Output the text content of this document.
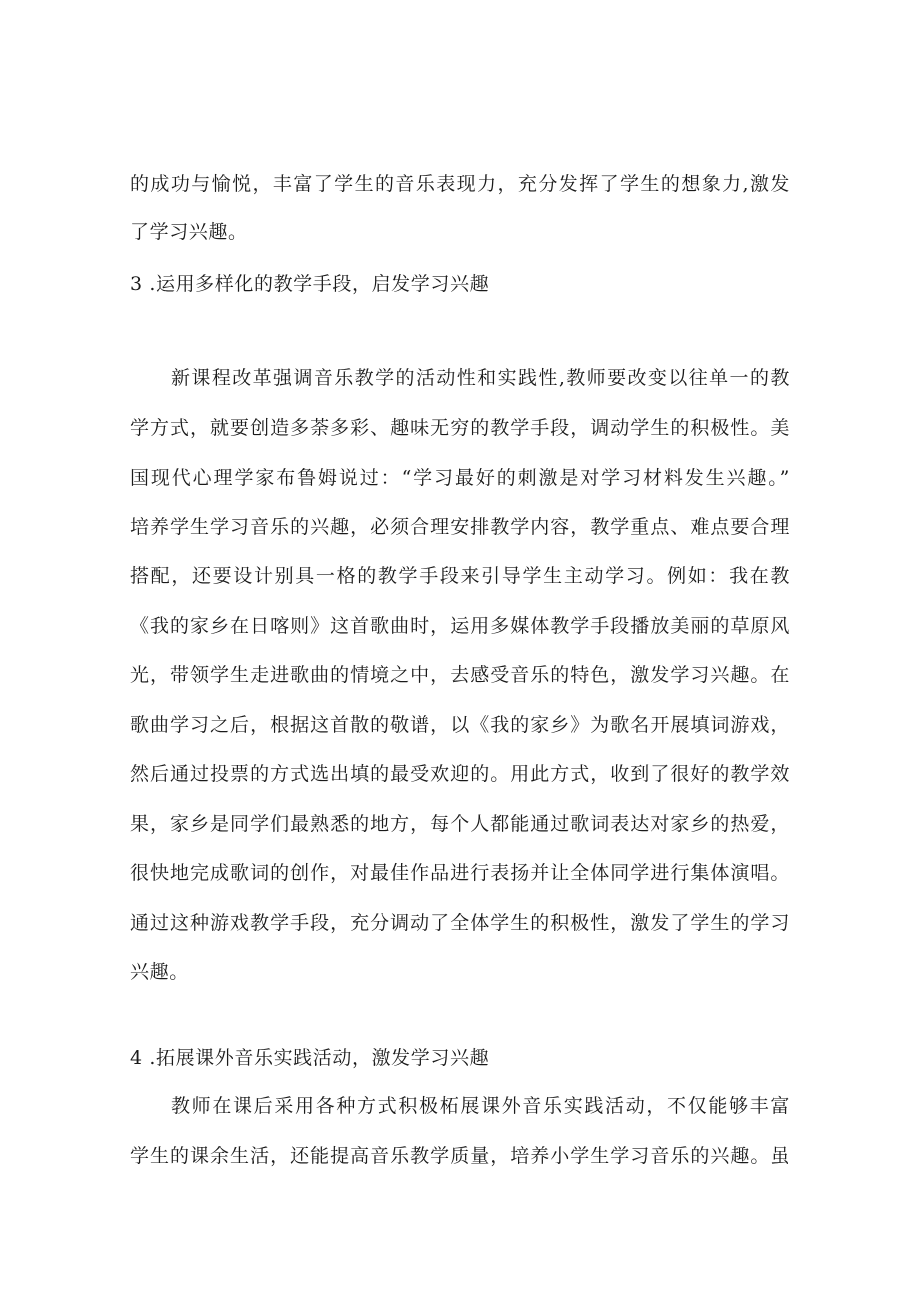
的成功与愉悦，丰富了学生的音乐表现力，充分发挥了学生的想象力,激发
了学习兴趣。
3 .运用多样化的教学手段，启发学习兴趣
新课程改革强调音乐教学的活动性和实践性,教师要改变以往单一的教
学方式，就要创造多荼多彩、趣味无穷的教学手段，调动学生的积极性。美
国现代心理学家布鲁姆说过：“学习最好的刺激是对学习材料发生兴趣。”
培养学生学习音乐的兴趣，必须合理安排教学内容，教学重点、难点要合理
搭配，还要设计别具一格的教学手段来引导学生主动学习。例如：我在教
《我的家乡在日喀则》这首歌曲时，运用多媒体教学手段播放美丽的草原风
光，带领学生走进歌曲的情境之中，去感受音乐的特色，激发学习兴趣。在
歌曲学习之后，根据这首散的敬谱，以《我的家乡》为歌名开展填词游戏，
然后通过投票的方式选出填的最受欢迎的。用此方式，收到了很好的教学效
果，家乡是同学们最熟悉的地方，每个人都能通过歌词表达对家乡的热爱，
很快地完成歌词的创作，对最佳作品进行表扬并让全体同学进行集体演唱。
通过这种游戏教学手段，充分调动了全体学生的积极性，激发了学生的学习
兴趣。
4 .拓展课外音乐实践活动，激发学习兴趣
教师在课后采用各种方式积极柘展课外音乐实践活动，不仅能够丰富
学生的课余生活，还能提高音乐教学质量，培养小学生学习音乐的兴趣。虽
